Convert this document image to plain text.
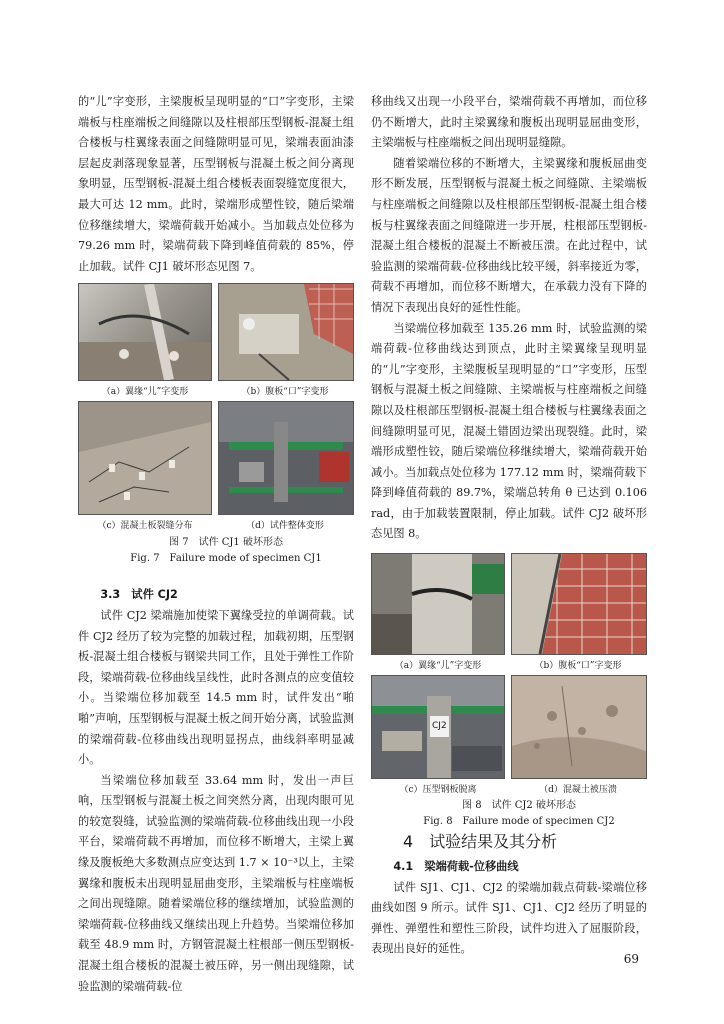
的“儿”字变形，主梁腹板呈现明显的“口”字变形，主梁端板与柱座端板之间缝隙以及柱根部压型钢板-混凝土组合楼板与柱翼缘表面之间缝隙明显可见，梁端表面油漆层起皮剥落现象显著，压型钢板与混凝土板之间分离现象明显，压型钢板-混凝土组合楼板表面裂缝宽度很大，最大可达 12 mm。此时，梁端形成塑性铰，随后梁端位移继续增大，梁端荷载开始减小。当加载点处位移为 79.26 mm 时，梁端荷载下降到峰值荷载的 85%，停止加载。试件 CJ1 破坏形态见图 7。

（a）翼缘“儿”字变形	（b）腹板“口”字变形
（c）混凝土板裂缝分布	（d）试件整体变形

图 7　试件 CJ1 破坏形态

Fig. 7　Failure mode of specimen CJ1

3.3　试件 CJ2

试件 CJ2 梁端施加使梁下翼缘受拉的单调荷载。试件 CJ2 经历了较为完整的加载过程，加载初期，压型钢板-混凝土组合楼板与钢梁共同工作，且处于弹性工作阶段，梁端荷载-位移曲线呈线性，此时各测点的应变值较小。当梁端位移加载至 14.5 mm 时，试件发出“啪啪”声响，压型钢板与混凝土板之间开始分离，试验监测的梁端荷载-位移曲线出现明显拐点，曲线斜率明显减小。

当梁端位移加载至 33.64 mm 时，发出一声巨响，压型钢板与混凝土板之间突然分离，出现肉眼可见的较宽裂缝，试验监测的梁端荷载-位移曲线出现一小段平台，梁端荷载不再增加，而位移不断增大，主梁上翼缘及腹板绝大多数测点应变达到 1.7 × 10⁻³以上，主梁翼缘和腹板未出现明显屈曲变形，主梁端板与柱座端板之间出现缝隙。随着梁端位移的继续增加，试验监测的梁端荷载-位移曲线又继续出现上升趋势。当梁端位移加载至 48.9 mm 时，方钢管混凝土柱根部一侧压型钢板-混凝土组合楼板的混凝土被压碎，另一侧出现缝隙，试验监测的梁端荷载-位

移曲线又出现一小段平台，梁端荷载不再增加，而位移仍不断增大，此时主梁翼缘和腹板出现明显屈曲变形，主梁端板与柱座端板之间出现明显缝隙。

随着梁端位移的不断增大，主梁翼缘和腹板屈曲变形不断发展，压型钢板与混凝土板之间缝隙、主梁端板与柱座端板之间缝隙以及柱根部压型钢板-混凝土组合楼板与柱翼缘表面之间缝隙进一步开展，柱根部压型钢板-混凝土组合楼板的混凝土不断被压溃。在此过程中，试验监测的梁端荷载-位移曲线比较平缓，斜率接近为零，荷载不再增加，而位移不断增大，在承载力没有下降的情况下表现出良好的延性性能。

当梁端位移加载至 135.26 mm 时，试验监测的梁端荷载-位移曲线达到顶点，此时主梁翼缘呈现明显的“儿”字变形，主梁腹板呈现明显的“口”字变形，压型钢板与混凝土板之间缝隙、主梁端板与柱座端板之间缝隙以及柱根部压型钢板-混凝土组合楼板与柱翼缘表面之间缝隙明显可见，混凝土错固边梁出现裂缝。此时，梁端形成塑性铰，随后梁端位移继续增大，梁端荷载开始减小。当加载点处位移为 177.12 mm 时，梁端荷载下降到峰值荷载的 89.7%，梁端总转角 θ 已达到 0.106 rad，由于加载装置限制，停止加载。试件 CJ2 破坏形态见图 8。

（a）翼缘“儿”字变形	（b）腹板“口”字变形
CJ2
（c）压型钢板脱离	（d）混凝土被压溃

图 8　试件 CJ2 破坏形态

Fig. 8　Failure mode of specimen CJ2

4　试验结果及其分析

4.1　梁端荷载-位移曲线

试件 SJ1、CJ1、CJ2 的梁端加载点荷载-梁端位移曲线如图 9 所示。试件 SJ1、CJ1、CJ2 经历了明显的弹性、弹塑性和塑性三阶段，试件均进入了屈服阶段，表现出良好的延性。

69
